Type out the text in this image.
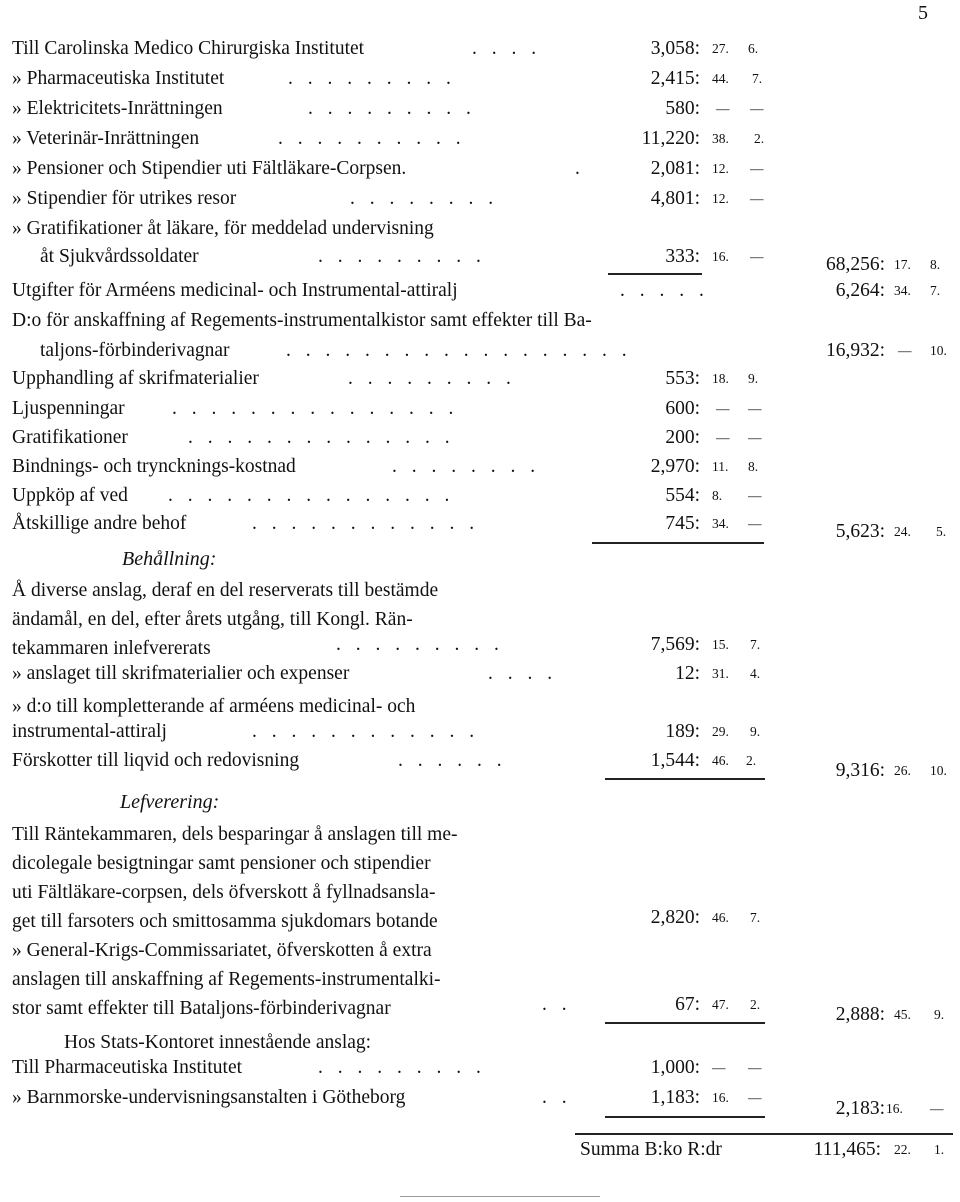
5
Till Carolinska Medico Chirurgiska Institutet	. . . .	3,058: 27. 6.
» Pharmaceutiska Institutet	. . . . . . . . .	2,415: 44. 7.
» Elektricitets-Inrättningen	. . . . . . . . .	580: — —
» Veterinär-Inrättningen	. . . . . . . . . .	11,220: 38. 2.
» Pensioner och Stipendier uti Fältläkare-Corpsen.	.	2,081: 12. —
» Stipendier för utrikes resor	. . . . . . . .	4,801: 12. —
» Gratifikationer åt läkare, för meddelad undervisning
åt Sjukvårdssoldater	. . . . . . . . .	333: 16. —	68,256: 17. 8.
Utgifter för Arméens medicinal- och Instrumental-attiralj	. . . . .	6,264: 34. 7.
D:o för anskaffning af Regements-instrumentalkistor samt effekter till Ba-
taljons-förbinderivagnar	. . . . . . . . . . . . . . . . . .	16,932: — 10.
Upphandling af skrifmaterialier	. . . . . . . . .	553: 18. 9.
Ljuspenningar . . . . . . . . . . . . . . .	600: — —
Gratifikationer	. . . . . . . . . . . . . .	200: — —
Bindnings- och tryncknings-kostnad	. . . . . . . .	2,970: 11. 8.
Uppköp af ved . . . . . . . . . . . . . . .	554: 8. —
Åtskillige andre behof	. . . . . . . . . . . .	745: 34. —	5,623: 24. 5.
Behållning:
Å diverse anslag, deraf en del reserverats till bestämde
ändamål, en del, efter årets utgång, till Kongl. Rän-
tekammaren inlefvererats	. . . . . . . . .	7,569: 15. 7.
» anslaget till skrifmaterialier och expenser	. . . .	12: 31. 4.
» d:o till kompletterande af arméens medicinal- och
instrumental-attiralj	. . . . . . . . . . . .	189: 29. 9.
Förskotter till liqvid och redovisning	. . . . . .	1,544: 46. 2.	9,316: 26. 10.
Lefverering:
Till Räntekammaren, dels besparingar å anslagen till me-
dicolegale besigtningar samt pensioner och stipendier
uti Fältläkare-corpsen, dels öfverskott å fyllnadsansla-
get till farsoters och smittosamma sjukdomars botande	2,820: 46. 7.
» General-Krigs-Commissariatet, öfverskotten å extra
anslagen till anskaffning af Regements-instrumentalki-
stor samt effekter till Bataljons-förbinderivagnar	. .	67: 47. 2.	2,888: 45. 9.
Hos Stats-Kontoret innestående anslag:
Till Pharmaceutiska Institutet	. . . . . . . . .	1,000: — —
» Barnmorske-undervisningsanstalten i Götheborg	. .	1,183: 16. —
2,183: 16. —
Summa B:ko R:dr	111,465: 22. 1.
